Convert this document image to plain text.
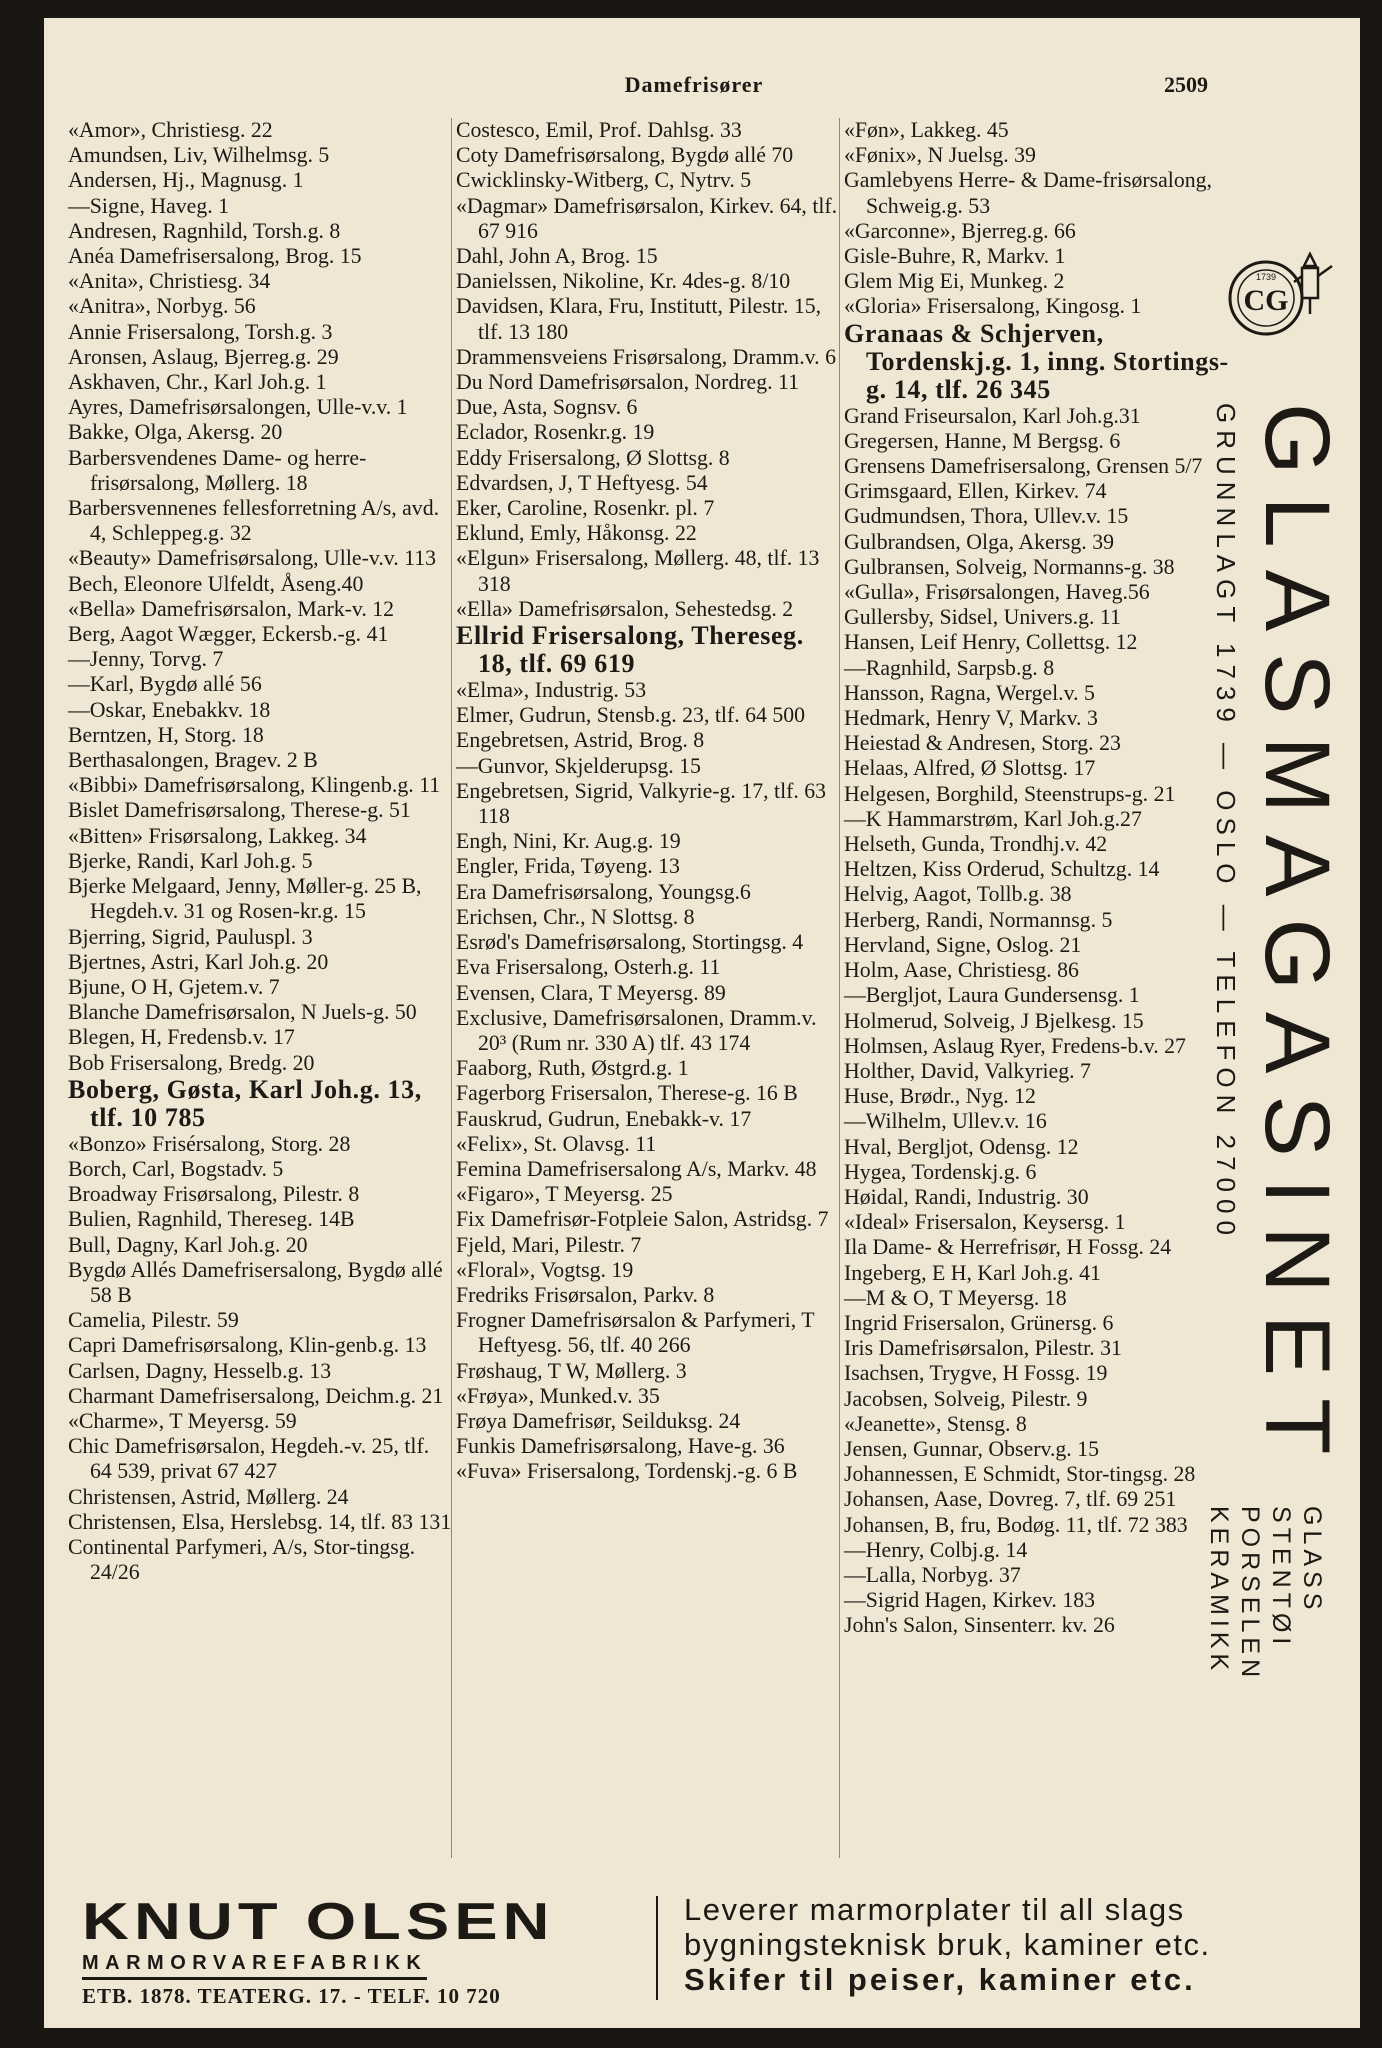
Damefrisører	2509
«Amor», Christiesg. 22
Amundsen, Liv, Wilhelmsg. 5
Andersen, Hj., Magnusg. 1
—Signe, Haveg. 1
Andresen, Ragnhild, Torsh.g. 8
Anéa Damefrisersalong, Brog. 15
«Anita», Christiesg. 34
«Anitra», Norbyg. 56
Annie Frisersalong, Torsh.g. 3
Aronsen, Aslaug, Bjerreg.g. 29
Askhaven, Chr., Karl Joh.g. 1
Ayres, Damefrisørsalongen, Ulle-v.v. 1
Bakke, Olga, Akersg. 20
Barbersvendenes Dame- og herre-frisørsalong, Møllerg. 18
Barbersvennenes fellesforretning A/s, avd. 4, Schleppeg.g. 32
«Beauty» Damefrisørsalong, Ulle-v.v. 113
Bech, Eleonore Ulfeldt, Åseng.40
«Bella» Damefrisørsalon, Mark-v. 12
Berg, Aagot Wægger, Eckersb.-g. 41
—Jenny, Torvg. 7
—Karl, Bygdø allé 56
—Oskar, Enebakkv. 18
Berntzen, H, Storg. 18
Berthasalongen, Bragev. 2 B
«Bibbi» Damefrisørsalong, Klingenb.g. 11
Bislet Damefrisørsalong, Therese-g. 51
«Bitten» Frisørsalong, Lakkeg. 34
Bjerke, Randi, Karl Joh.g. 5
Bjerke Melgaard, Jenny, Møller-g. 25 B, Hegdeh.v. 31 og Rosen-kr.g. 15
Bjerring, Sigrid, Pauluspl. 3
Bjertnes, Astri, Karl Joh.g. 20
Bjune, O H, Gjetem.v. 7
Blanche Damefrisørsalon, N Juels-g. 50
Blegen, H, Fredensb.v. 17
Bob Frisersalong, Bredg. 20
Boberg, Gøsta, Karl Joh.g. 13, tlf. 10 785
«Bonzo» Frisérsalong, Storg. 28
Borch, Carl, Bogstadv. 5
Broadway Frisørsalong, Pilestr. 8
Bulien, Ragnhild, Thereseg. 14B
Bull, Dagny, Karl Joh.g. 20
Bygdø Allés Damefrisersalong, Bygdø allé 58 B
Camelia, Pilestr. 59
Capri Damefrisørsalong, Klin-genb.g. 13
Carlsen, Dagny, Hesselb.g. 13
Charmant Damefrisersalong, Deichm.g. 21
«Charme», T Meyersg. 59
Chic Damefrisørsalon, Hegdeh.-v. 25, tlf. 64 539, privat 67 427
Christensen, Astrid, Møllerg. 24
Christensen, Elsa, Herslebsg. 14, tlf. 83 131
Continental Parfymeri, A/s, Stor-tingsg. 24/26
Costesco, Emil, Prof. Dahlsg. 33
Coty Damefrisørsalong, Bygdø allé 70
Cwicklinsky-Witberg, C, Nytrv. 5
«Dagmar» Damefrisørsalon, Kirkev. 64, tlf. 67 916
Dahl, John A, Brog. 15
Danielssen, Nikoline, Kr. 4des-g. 8/10
Davidsen, Klara, Fru, Institutt, Pilestr. 15, tlf. 13 180
Drammensveiens Frisørsalong, Dramm.v. 6
Du Nord Damefrisørsalon, Nordreg. 11
Due, Asta, Sognsv. 6
Eclador, Rosenkr.g. 19
Eddy Frisersalong, Ø Slottsg. 8
Edvardsen, J, T Heftyesg. 54
Eker, Caroline, Rosenkr. pl. 7
Eklund, Emly, Håkonsg. 22
«Elgun» Frisersalong, Møllerg. 48, tlf. 13 318
«Ella» Damefrisørsalon, Sehestedsg. 2
Ellrid Frisersalong, Thereseg. 18, tlf. 69 619
«Elma», Industrig. 53
Elmer, Gudrun, Stensb.g. 23, tlf. 64 500
Engebretsen, Astrid, Brog. 8
—Gunvor, Skjelderupsg. 15
Engebretsen, Sigrid, Valkyrie-g. 17, tlf. 63 118
Engh, Nini, Kr. Aug.g. 19
Engler, Frida, Tøyeng. 13
Era Damefrisørsalong, Youngsg.6
Erichsen, Chr., N Slottsg. 8
Esrød's Damefrisørsalong, Stortingsg. 4
Eva Frisersalong, Osterh.g. 11
Evensen, Clara, T Meyersg. 89
Exclusive, Damefrisørsalonen, Dramm.v. 20³ (Rum nr. 330 A) tlf. 43 174
Faaborg, Ruth, Østgrd.g. 1
Fagerborg Frisersalon, Therese-g. 16 B
Fauskrud, Gudrun, Enebakk-v. 17
«Felix», St. Olavsg. 11
Femina Damefrisersalong A/s, Markv. 48
«Figaro», T Meyersg. 25
Fix Damefrisør-Fotpleie Salon, Astridsg. 7
Fjeld, Mari, Pilestr. 7
«Floral», Vogtsg. 19
Fredriks Frisørsalon, Parkv. 8
Frogner Damefrisørsalon & Parfymeri, T Heftyesg. 56, tlf. 40 266
Frøshaug, T W, Møllerg. 3
«Frøya», Munked.v. 35
Frøya Damefrisør, Seilduksg. 24
Funkis Damefrisørsalong, Have-g. 36
«Fuva» Frisersalong, Tordenskj.-g. 6 B
«Føn», Lakkeg. 45
«Fønix», N Juelsg. 39
Gamlebyens Herre- & Dame-frisørsalong, Schweig.g. 53
«Garconne», Bjerreg.g. 66
Gisle-Buhre, R, Markv. 1
Glem Mig Ei, Munkeg. 2
«Gloria» Frisersalong, Kingosg. 1
Granaas & Schjerven, Tordenskj.g. 1, inng. Stortings-g. 14, tlf. 26 345
Grand Friseursalon, Karl Joh.g.31
Gregersen, Hanne, M Bergsg. 6
Grensens Damefrisersalong, Grensen 5/7
Grimsgaard, Ellen, Kirkev. 74
Gudmundsen, Thora, Ullev.v. 15
Gulbrandsen, Olga, Akersg. 39
Gulbransen, Solveig, Normanns-g. 38
«Gulla», Frisørsalongen, Haveg.56
Gullersby, Sidsel, Univers.g. 11
Hansen, Leif Henry, Collettsg. 12
—Ragnhild, Sarpsb.g. 8
Hansson, Ragna, Wergel.v. 5
Hedmark, Henry V, Markv. 3
Heiestad & Andresen, Storg. 23
Helaas, Alfred, Ø Slottsg. 17
Helgesen, Borghild, Steenstrups-g. 21
—K Hammarstrøm, Karl Joh.g.27
Helseth, Gunda, Trondhj.v. 42
Heltzen, Kiss Orderud, Schultzg. 14
Helvig, Aagot, Tollb.g. 38
Herberg, Randi, Normannsg. 5
Hervland, Signe, Oslog. 21
Holm, Aase, Christiesg. 86
—Bergljot, Laura Gundersensg. 1
Holmerud, Solveig, J Bjelkesg. 15
Holmsen, Aslaug Ryer, Fredens-b.v. 27
Holther, David, Valkyrieg. 7
Huse, Brødr., Nyg. 12
—Wilhelm, Ullev.v. 16
Hval, Bergljot, Odensg. 12
Hygea, Tordenskj.g. 6
Høidal, Randi, Industrig. 30
«Ideal» Frisersalon, Keysersg. 1
Ila Dame- & Herrefrisør, H Fossg. 24
Ingeberg, E H, Karl Joh.g. 41
—M & O, T Meyersg. 18
Ingrid Frisersalon, Grünersg. 6
Iris Damefrisørsalon, Pilestr. 31
Isachsen, Trygve, H Fossg. 19
Jacobsen, Solveig, Pilestr. 9
«Jeanette», Stensg. 8
Jensen, Gunnar, Observ.g. 15
Johannessen, E Schmidt, Stor-tingsg. 28
Johansen, Aase, Dovreg. 7, tlf. 69 251
Johansen, B, fru, Bodøg. 11, tlf. 72 383
—Henry, Colbj.g. 14
—Lalla, Norbyg. 37
—Sigrid Hagen, Kirkev. 183
John's Salon, Sinsenterr. kv. 26
CG
1739
GLASMAGASINET
GRUNNLAGT 1739 — OSLO — TELEFON 27000
GLASS
STENTØI
PORSELEN
KERAMIKK
KNUT OLSEN
MARMORVAREFABRIKK
ETB. 1878. TEATERG. 17. - TELF. 10 720
Leverer marmorplater til all slags
bygningsteknisk bruk, kaminer etc.
Skifer til peiser, kaminer etc.
